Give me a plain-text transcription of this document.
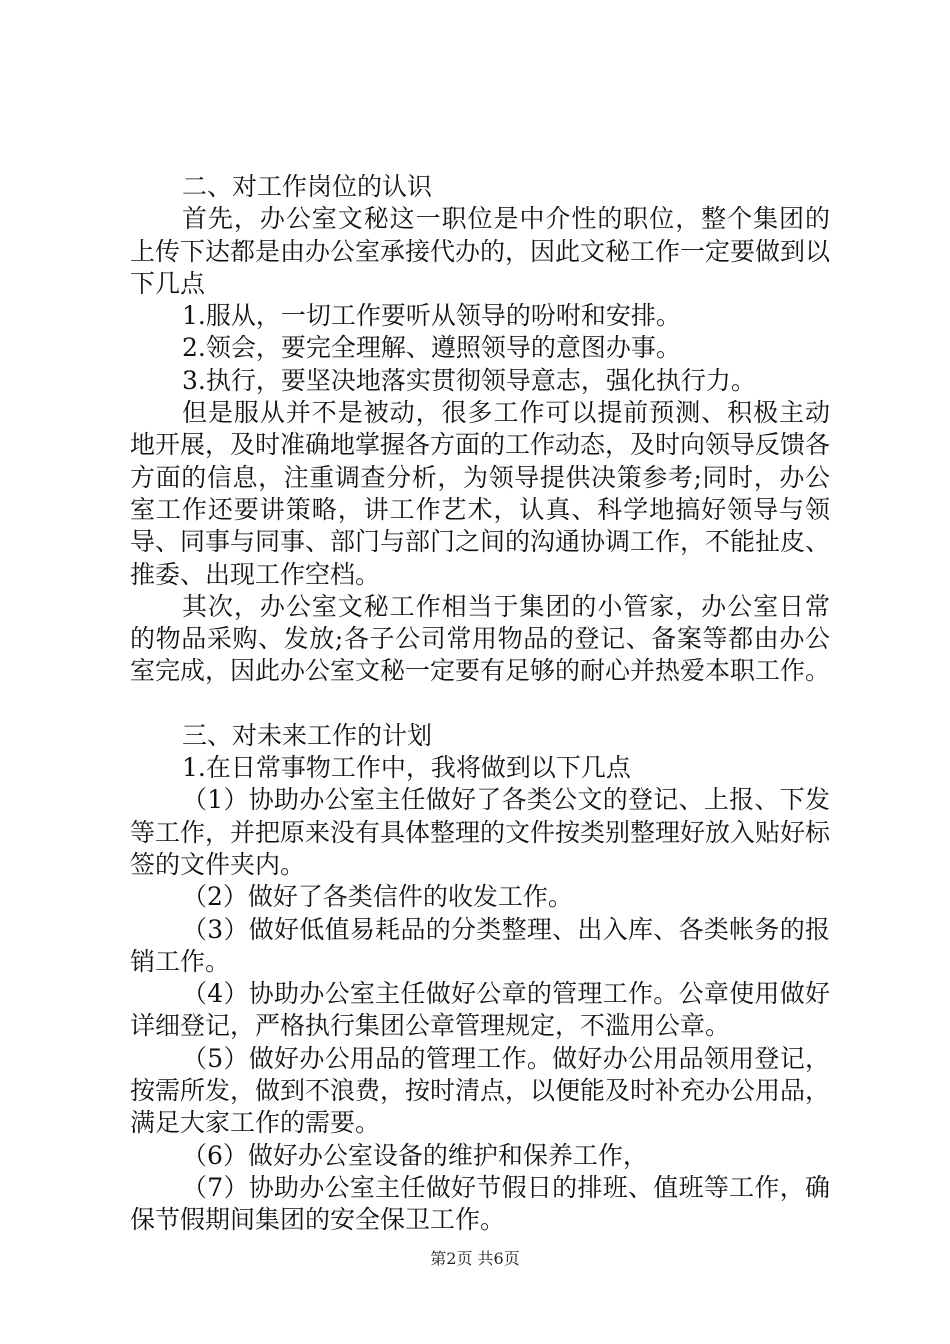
二、对工作岗位的认识

首先，办公室文秘这一职位是中介性的职位，整个集团的上传下达都是由办公室承接代办的，因此文秘工作一定要做到以下几点

1.服从，一切工作要听从领导的吩咐和安排。

2.领会，要完全理解、遵照领导的意图办事。

3.执行，要坚决地落实贯彻领导意志，强化执行力。

但是服从并不是被动，很多工作可以提前预测、积极主动地开展，及时准确地掌握各方面的工作动态，及时向领导反馈各方面的信息，注重调查分析，为领导提供决策参考;同时，办公室工作还要讲策略，讲工作艺术，认真、科学地搞好领导与领导、同事与同事、部门与部门之间的沟通协调工作，不能扯皮、推委、出现工作空档。

其次，办公室文秘工作相当于集团的小管家，办公室日常的物品采购、发放;各子公司常用物品的登记、备案等都由办公室完成，因此办公室文秘一定要有足够的耐心并热爱本职工作。

三、对未来工作的计划

1.在日常事物工作中，我将做到以下几点

（1）协助办公室主任做好了各类公文的登记、上报、下发等工作，并把原来没有具体整理的文件按类别整理好放入贴好标签的文件夹内。

（2）做好了各类信件的收发工作。

（3）做好低值易耗品的分类整理、出入库、各类帐务的报销工作。

（4）协助办公室主任做好公章的管理工作。公章使用做好详细登记，严格执行集团公章管理规定，不滥用公章。

（5）做好办公用品的管理工作。做好办公用品领用登记，按需所发，做到不浪费，按时清点，以便能及时补充办公用品，满足大家工作的需要。

（6）做好办公室设备的维护和保养工作，

（7）协助办公室主任做好节假日的排班、值班等工作，确保节假期间集团的安全保卫工作。

第2页 共6页
